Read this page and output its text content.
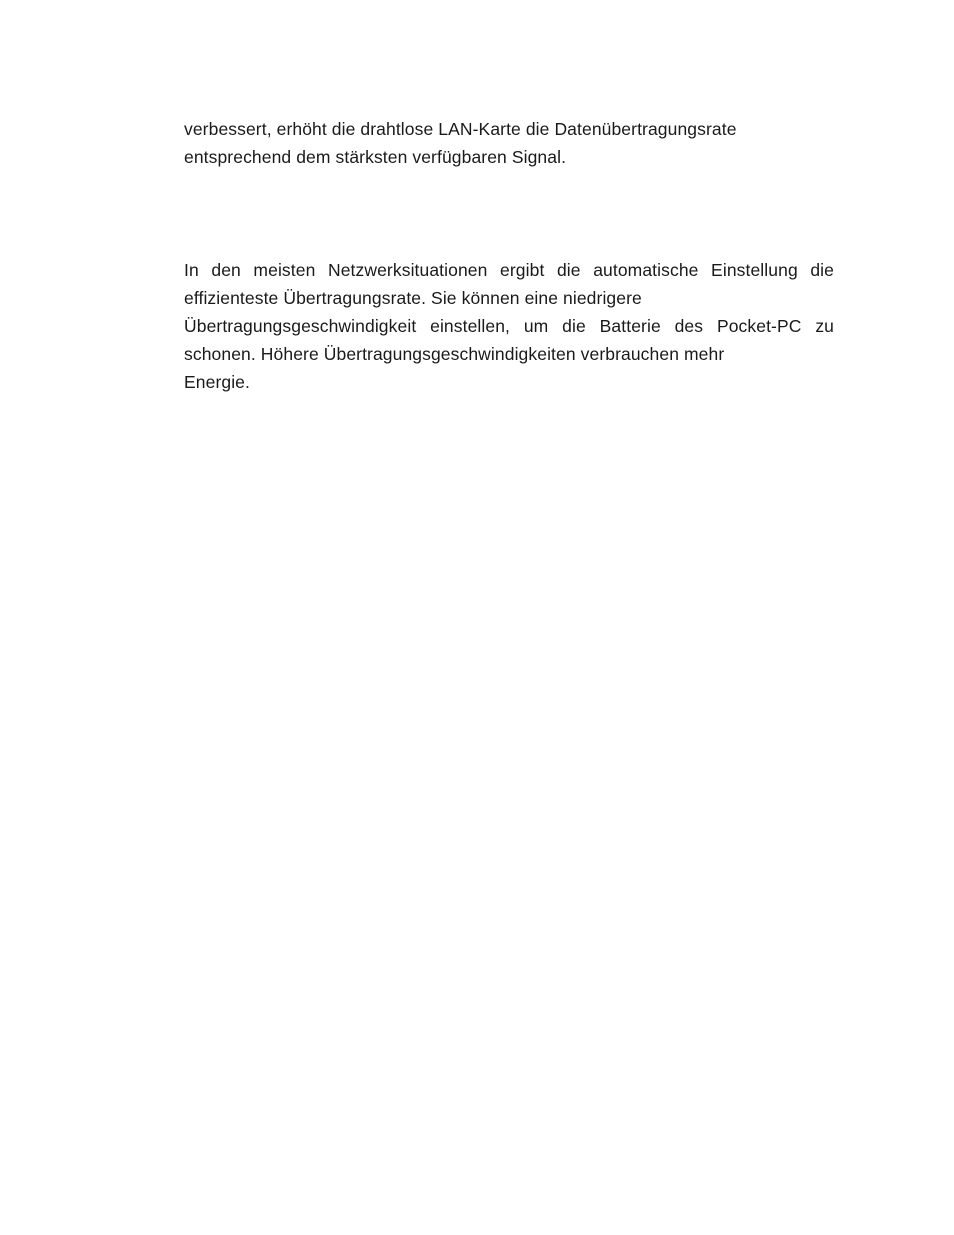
verbessert, erhöht die drahtlose LAN-Karte die Datenübertragungsrate
entsprechend dem stärksten verfügbaren Signal.

In den meisten Netzwerksituationen ergibt die automatische Einstellung die
effizienteste Übertragungsrate. Sie können eine niedrigere
Übertragungsgeschwindigkeit einstellen, um die Batterie des Pocket-PC zu
schonen. Höhere Übertragungsgeschwindigkeiten verbrauchen mehr
Energie.
